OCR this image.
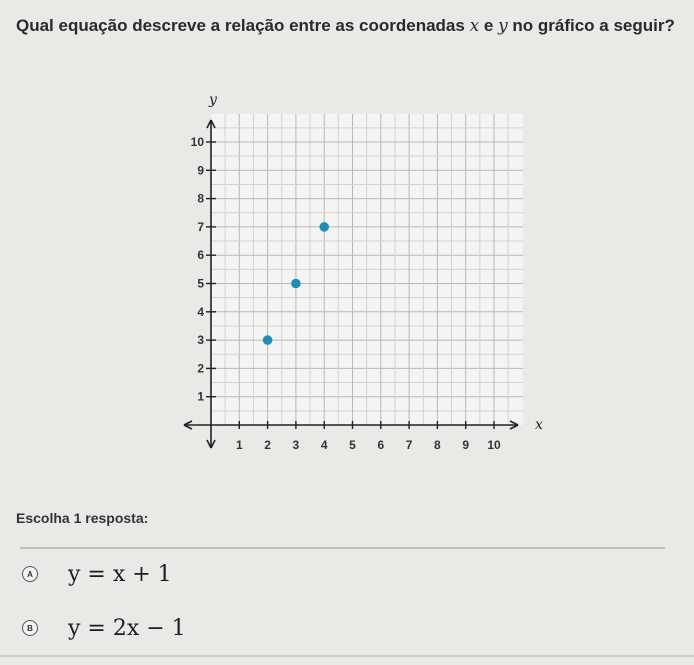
Qual equação descreve a relação entre as coordenadas x e y no gráfico a seguir?
1 2 3 4 5 6 7 8 9 10
1
2
3
4
5
6
7
8
9
10
x
y
Escolha 1 resposta:
A y = x + 1
B y = 2x − 1
